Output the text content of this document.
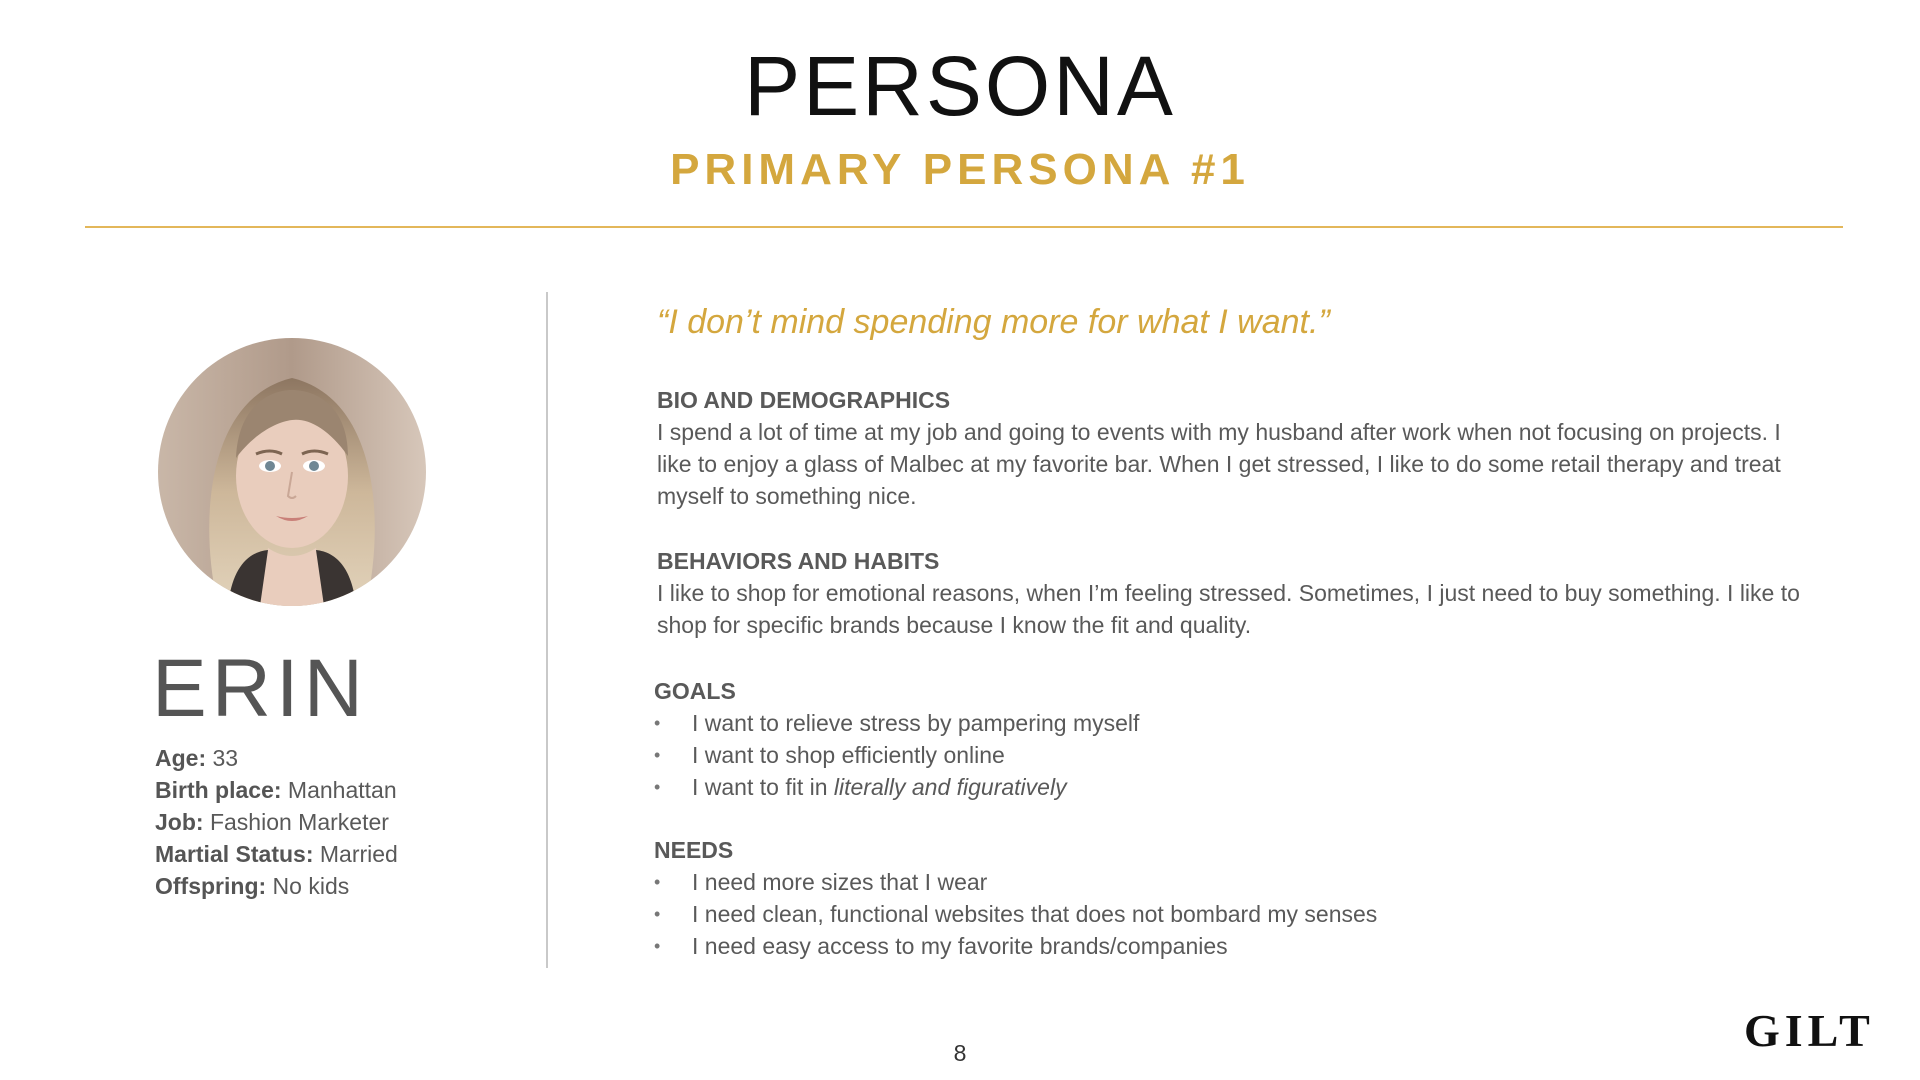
PERSONA
PRIMARY PERSONA #1
ERIN
Age: 33
Birth place: Manhattan
Job: Fashion Marketer
Martial Status: Married
Offspring: No kids
“I don’t mind spending more for what I want.”
BIO AND DEMOGRAPHICS

I spend a lot of time at my job and going to events with my husband after work when not focusing on projects. I like to enjoy a glass of Malbec at my favorite bar. When I get stressed, I like to do some retail therapy and treat myself to something nice.

BEHAVIORS AND HABITS

I like to shop for emotional reasons, when I’m feeling stressed. Sometimes, I just need to buy something. I like to shop for specific brands because I know the fit and quality.

GOALS
• I want to relieve stress by pampering myself
• I want to shop efficiently online
• I want to fit in literally and figuratively
NEEDS
• I need more sizes that I wear
• I need clean, functional websites that does not bombard my senses
• I need easy access to my favorite brands/companies
8	GILT
